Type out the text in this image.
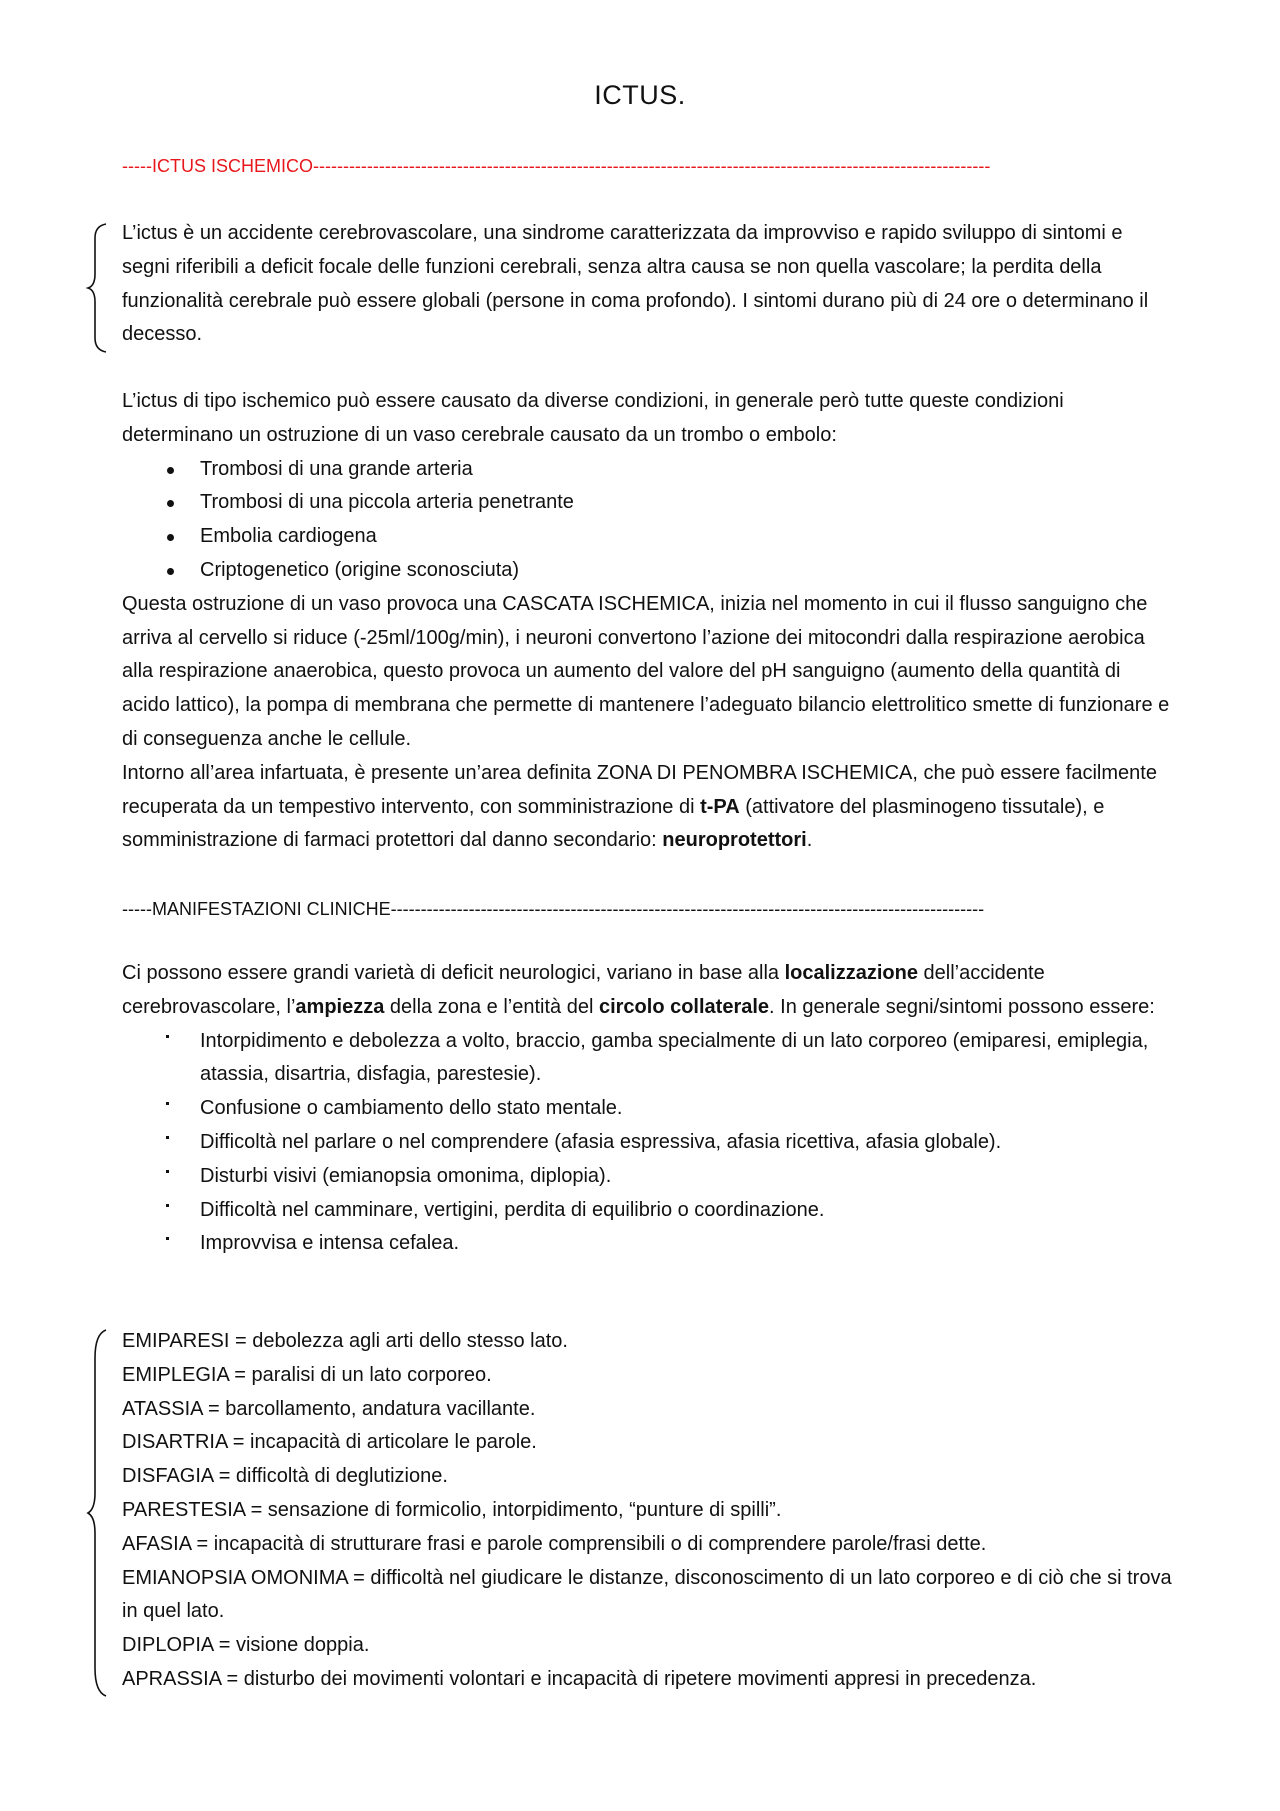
ICTUS.
-----ICTUS ISCHEMICO-----------------------------------------------------------------------------------------------------------------

L’ictus è un accidente cerebrovascolare, una sindrome caratterizzata da improvviso e rapido sviluppo di sintomi e segni riferibili a deficit focale delle funzioni cerebrali, senza altra causa se non quella vascolare; la perdita della funzionalità cerebrale può essere globali (persone in coma profondo). I sintomi durano più di 24 ore o determinano il decesso.

L’ictus di tipo ischemico può essere causato da diverse condizioni, in generale però tutte queste condizioni determinano un ostruzione di un vaso cerebrale causato da un trombo o embolo:

Trombosi di una grande arteria
Trombosi di una piccola arteria penetrante
Embolia cardiogena
Criptogenetico (origine sconosciuta)

Questa ostruzione di un vaso provoca una CASCATA ISCHEMICA, inizia nel momento in cui il flusso sanguigno che arriva al cervello si riduce (-25ml/100g/min), i neuroni convertono l’azione dei mitocondri dalla respirazione aerobica alla respirazione anaerobica, questo provoca un aumento del valore del pH sanguigno (aumento della quantità di acido lattico), la pompa di membrana che permette di mantenere l’adeguato bilancio elettrolitico smette di funzionare e di conseguenza anche le cellule.

Intorno all’area infartuata, è presente un’area definita ZONA DI PENOMBRA ISCHEMICA, che può essere facilmente recuperata da un tempestivo intervento, con somministrazione di t-PA (attivatore del plasminogeno tissutale), e somministrazione di farmaci protettori dal danno secondario: neuroprotettori.

-----MANIFESTAZIONI CLINICHE---------------------------------------------------------------------------------------------------

Ci possono essere grandi varietà di deficit neurologici, variano in base alla localizzazione dell’accidente cerebrovascolare, l’ampiezza della zona e l’entità del circolo collaterale. In generale segni/sintomi possono essere:

Intorpidimento e debolezza a volto, braccio, gamba specialmente di un lato corporeo (emiparesi, emiplegia, atassia, disartria, disfagia, parestesie).
Confusione o cambiamento dello stato mentale.
Difficoltà nel parlare o nel comprendere (afasia espressiva, afasia ricettiva, afasia globale).
Disturbi visivi (emianopsia omonima, diplopia).
Difficoltà nel camminare, vertigini, perdita di equilibrio o coordinazione.
Improvvisa e intensa cefalea.

EMIPARESI = debolezza agli arti dello stesso lato.

EMIPLEGIA = paralisi di un lato corporeo.

ATASSIA = barcollamento, andatura vacillante.

DISARTRIA = incapacità di articolare le parole.

DISFAGIA = difficoltà di deglutizione.

PARESTESIA = sensazione di formicolio, intorpidimento, “punture di spilli”.

AFASIA = incapacità di strutturare frasi e parole comprensibili o di comprendere parole/frasi dette.

EMIANOPSIA OMONIMA = difficoltà nel giudicare le distanze, disconoscimento di un lato corporeo e di ciò che si trova in quel lato.

DIPLOPIA = visione doppia.

APRASSIA = disturbo dei movimenti volontari e incapacità di ripetere movimenti appresi in precedenza.
